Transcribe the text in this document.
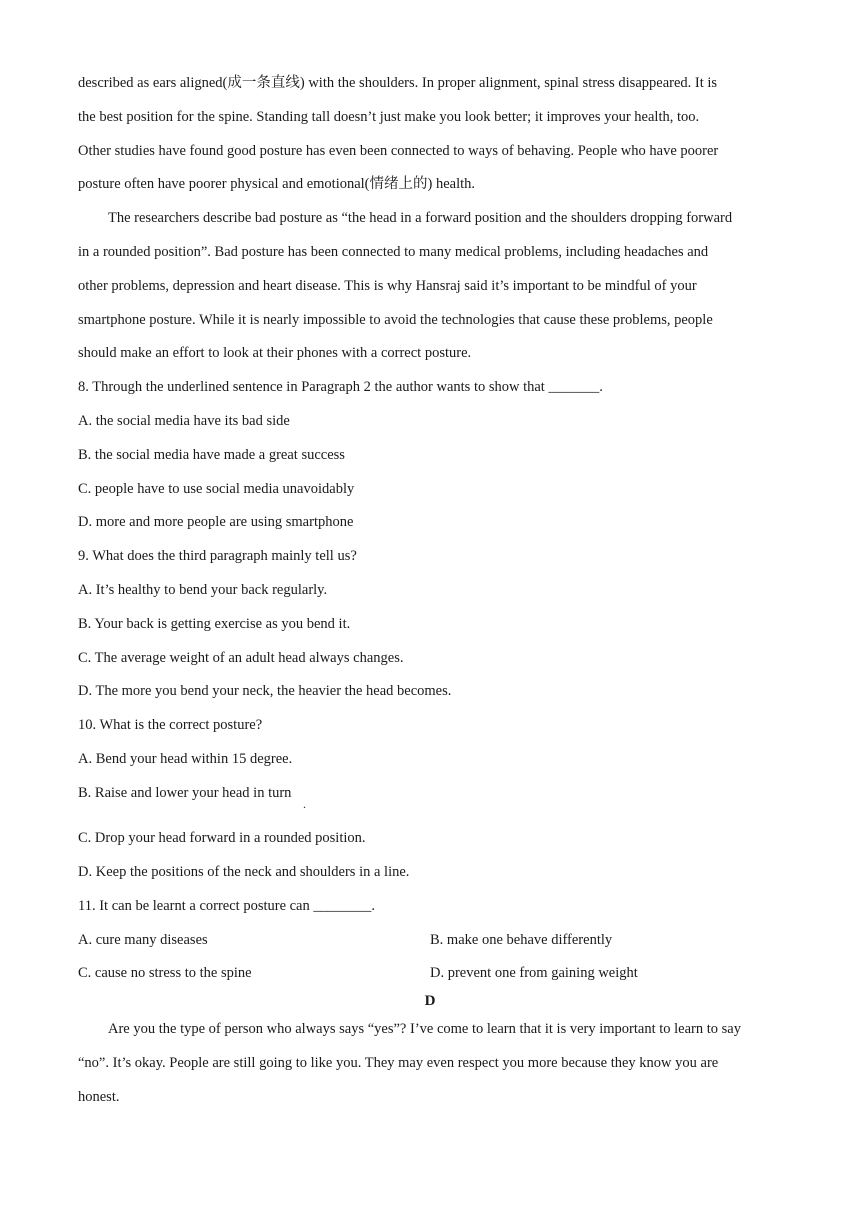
described as ears aligned(成一条直线) with the shoulders. In proper alignment, spinal stress disappeared. It is
the best position for the spine. Standing tall doesn’t just make you look better; it improves your health, too.
Other studies have found good posture has even been connected to ways of behaving. People who have poorer
posture often have poorer physical and emotional(情绪上的) health.
The researchers describe bad posture as “the head in a forward position and the shoulders dropping forward
in a rounded position”. Bad posture has been connected to many medical problems, including headaches and
other problems, depression and heart disease. This is why Hansraj said it’s important to be mindful of your
smartphone posture. While it is nearly impossible to avoid the technologies that cause these problems, people
should make an effort to look at their phones with a correct posture.
8. Through the underlined sentence in Paragraph 2 the author wants to show that _______.
A. the social media have its bad side
B. the social media have made a great success
C. people have to use social media unavoidably
D. more and more people are using smartphone
9. What does the third paragraph mainly tell us?
A. It’s healthy to bend your back regularly.
B. Your back is getting exercise as you bend it.
C. The average weight of an adult head always changes.
D. The more you bend your neck, the heavier the head becomes.
10. What is the correct posture?
A. Bend your head within 15 degree.
B. Raise and lower your head in turn
.
C. Drop your head forward in a rounded position.
D. Keep the positions of the neck and shoulders in a line.
11. It can be learnt a correct posture can ________.
A. cure many diseases	B. make one behave differently
C. cause no stress to the spine	D. prevent one from gaining weight
D
Are you the type of person who always says “yes”? I’ve come to learn that it is very important to learn to say
“no”. It’s okay. People are still going to like you. They may even respect you more because they know you are
honest.
